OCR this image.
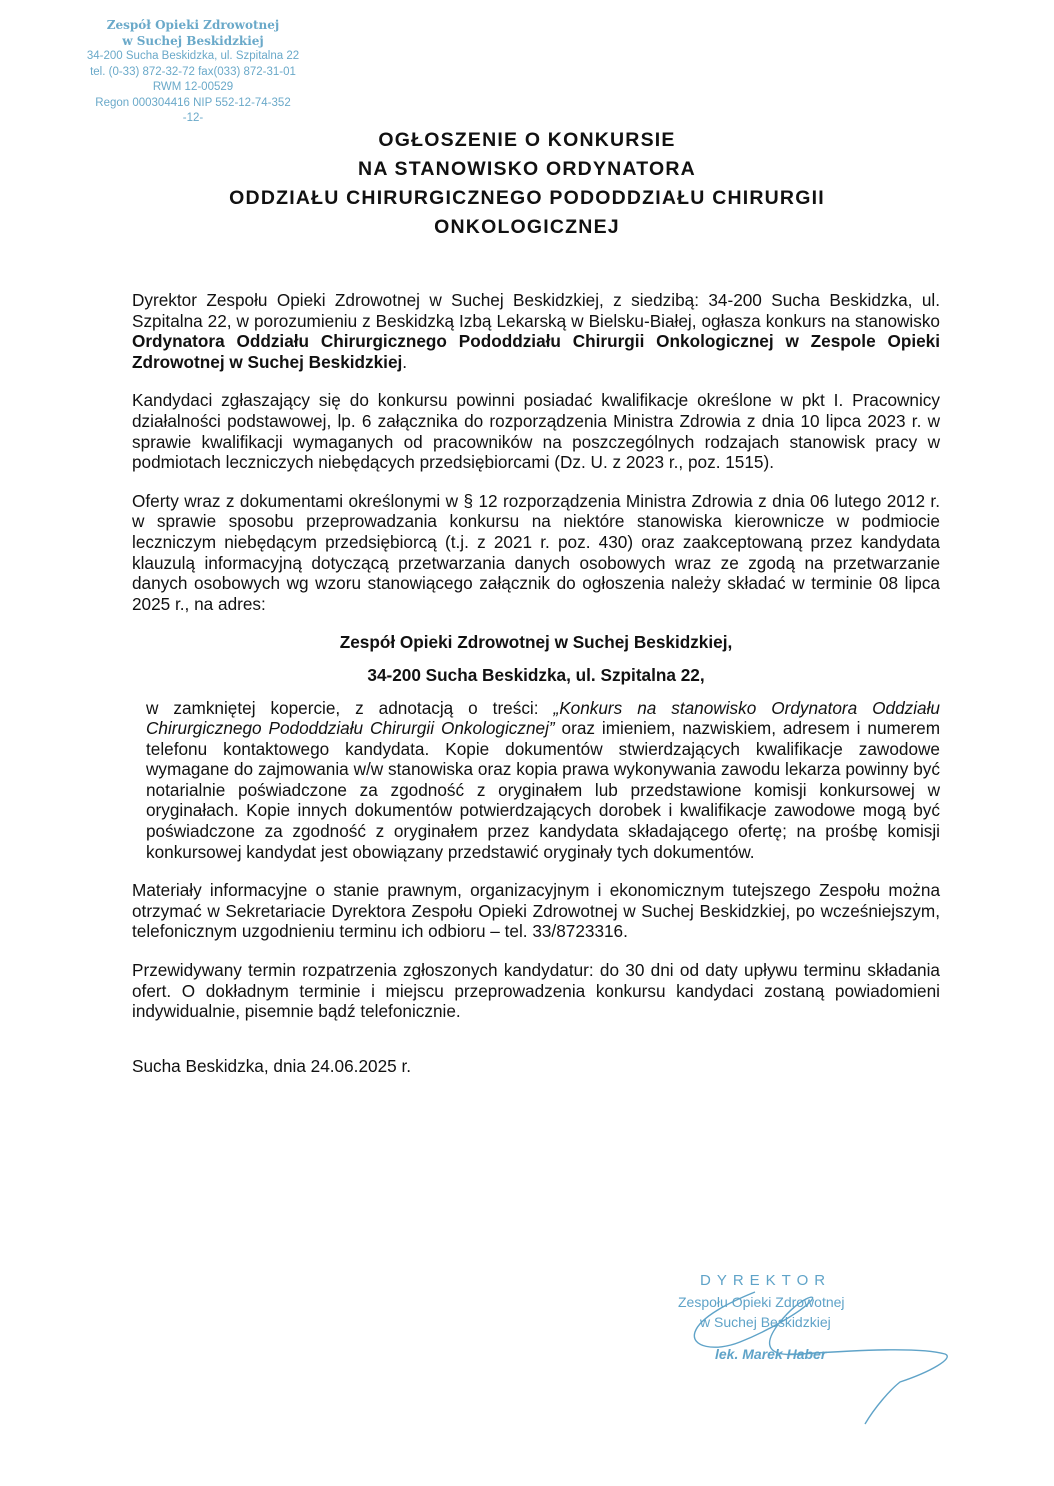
Zespół Opieki Zdrowotnej
w Suchej Beskidzkiej
34-200 Sucha Beskidzka, ul. Szpitalna 22
tel. (0-33) 872-32-72 fax(033) 872-31-01
RWM 12-00529
Regon 000304416 NIP 552-12-74-352
-12-
OGŁOSZENIE O KONKURSIE
NA STANOWISKO ORDYNATORA
ODDZIAŁU CHIRURGICZNEGO PODODDZIAŁU CHIRURGII
ONKOLOGICZNEJ

Dyrektor Zespołu Opieki Zdrowotnej w Suchej Beskidzkiej, z siedzibą: 34-200 Sucha Beskidzka, ul. Szpitalna 22, w porozumieniu z Beskidzką Izbą Lekarską w Bielsku-Białej, ogłasza konkurs na stanowisko Ordynatora Oddziału Chirurgicznego Pododdziału Chirurgii Onkologicznej w Zespole Opieki Zdrowotnej w Suchej Beskidzkiej.

Kandydaci zgłaszający się do konkursu powinni posiadać kwalifikacje określone w pkt I. Pracownicy działalności podstawowej, lp. 6 załącznika do rozporządzenia Ministra Zdrowia z dnia 10 lipca 2023 r. w sprawie kwalifikacji wymaganych od pracowników na poszczególnych rodzajach stanowisk pracy w podmiotach leczniczych niebędących przedsiębiorcami (Dz. U. z 2023 r., poz. 1515).

Oferty wraz z dokumentami określonymi w § 12 rozporządzenia Ministra Zdrowia z dnia 06 lutego 2012 r. w sprawie sposobu przeprowadzania konkursu na niektóre stanowiska kierownicze w podmiocie leczniczym niebędącym przedsiębiorcą (t.j. z 2021 r. poz. 430) oraz zaakceptowaną przez kandydata klauzulą informacyjną dotyczącą przetwarzania danych osobowych wraz ze zgodą na przetwarzanie danych osobowych wg wzoru stanowiącego załącznik do ogłoszenia należy składać w terminie 08 lipca 2025 r., na adres:

Zespół Opieki Zdrowotnej w Suchej Beskidzkiej,

34-200 Sucha Beskidzka, ul. Szpitalna 22,

w zamkniętej kopercie, z adnotacją o treści: „Konkurs na stanowisko Ordynatora Oddziału Chirurgicznego Pododdziału Chirurgii Onkologicznej” oraz imieniem, nazwiskiem, adresem i numerem telefonu kontaktowego kandydata. Kopie dokumentów stwierdzających kwalifikacje zawodowe wymagane do zajmowania w/w stanowiska oraz kopia prawa wykonywania zawodu lekarza powinny być notarialnie poświadczone za zgodność z oryginałem lub przedstawione komisji konkursowej w oryginałach. Kopie innych dokumentów potwierdzających dorobek i kwalifikacje zawodowe mogą być poświadczone za zgodność z oryginałem przez kandydata składającego ofertę; na prośbę komisji konkursowej kandydat jest obowiązany przedstawić oryginały tych dokumentów.

Materiały informacyjne o stanie prawnym, organizacyjnym i ekonomicznym tutejszego Zespołu można otrzymać w Sekretariacie Dyrektora Zespołu Opieki Zdrowotnej w Suchej Beskidzkiej, po wcześniejszym, telefonicznym uzgodnieniu terminu ich odbioru – tel. 33/8723316.

Przewidywany termin rozpatrzenia zgłoszonych kandydatur: do 30 dni od daty upływu terminu składania ofert. O dokładnym terminie i miejscu przeprowadzenia konkursu kandydaci zostaną powiadomieni indywidualnie, pisemnie bądź telefonicznie.

Sucha Beskidzka, dnia 24.06.2025 r.

DYREKTOR
Zespołu Opieki Zdrowotnej
w Suchej Beskidzkiej
lek. Marek Haber
